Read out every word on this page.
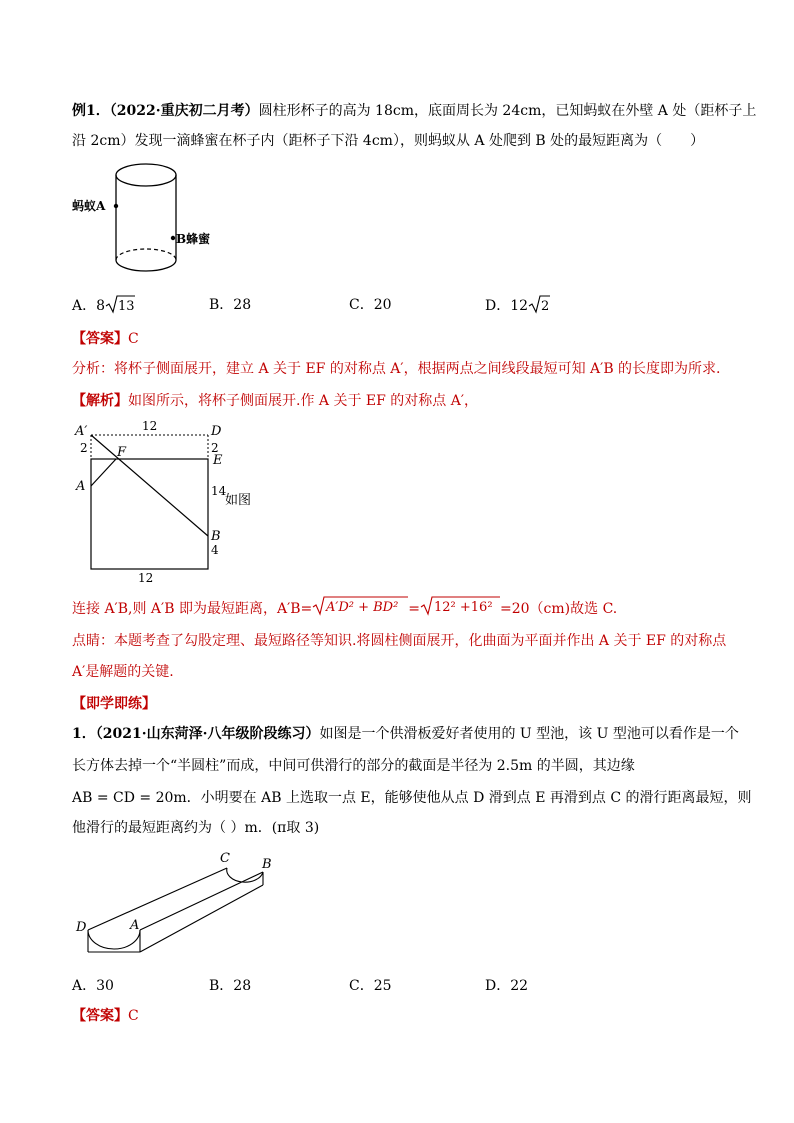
例1．（2022·重庆初二月考）圆柱形杯子的高为 18cm，底面周长为 24cm，已知蚂蚁在外壁 A 处（距杯子上
沿 2cm）发现一滴蜂蜜在杯子内（距杯子下沿 4cm），则蚂蚁从 A 处爬到 B 处的最短距离为（　　）
蚂蚁A
B蜂蜜
A．8 13	B．28	C．20	D．12 2
【答案】C
分析：将杯子侧面展开，建立 A 关于 EF 的对称点 A′，根据两点之间线段最短可知 A′B 的长度即为所求.
【解析】如图所示，将杯子侧面展开.作 A 关于 EF 的对称点 A′，
A′	12	D
2	2
F
E
A	14
如图
B
4
12
连接 A′B,则 A′B 即为最短距离，A′B= A′D² + BD² = 12² +16² =20（cm)故选 C.
点睛：本题考查了勾股定理、最短路径等知识.将圆柱侧面展开，化曲面为平面并作出 A 关于 EF 的对称点
A′是解题的关键.
【即学即练】
1．（2021·山东菏泽·八年级阶段练习）如图是一个供滑板爱好者使用的 U 型池，该 U 型池可以看作是一个
长方体去掉一个“半圆柱”而成，中间可供滑行的部分的截面是半径为 2.5m 的半圆，其边缘
AB = CD = 20m．小明要在 AB 上选取一点 E，能够使他从点 D 滑到点 E 再滑到点 C 的滑行距离最短，则
他滑行的最短距离约为（ ）m．(π取 3)
C B
D	A
A．30	B．28	C．25	D．22
【答案】C
